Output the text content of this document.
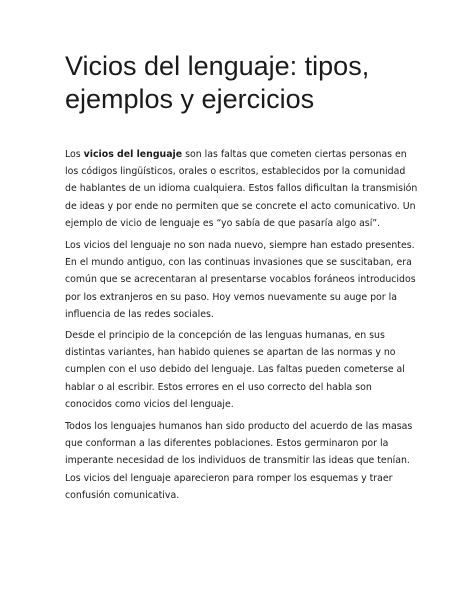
Vicios del lenguaje: tipos, ejemplos y ejercicios

Los vicios del lenguaje son las faltas que cometen ciertas personas en los códigos lingüísticos, orales o escritos, establecidos por la comunidad de hablantes de un idioma cualquiera. Estos fallos dificultan la transmisión de ideas y por ende no permiten que se concrete el acto comunicativo. Un ejemplo de vicio de lenguaje es “yo sabía de que pasaría algo así”.

Los vicios del lenguaje no son nada nuevo, siempre han estado presentes. En el mundo antiguo, con las continuas invasiones que se suscitaban, era común que se acrecentaran al presentarse vocablos foráneos introducidos por los extranjeros en su paso. Hoy vemos nuevamente su auge por la influencia de las redes sociales.

Desde el principio de la concepción de las lenguas humanas, en sus distintas variantes, han habido quienes se apartan de las normas y no cumplen con el uso debido del lenguaje. Las faltas pueden cometerse al hablar o al escribir. Estos errores en el uso correcto del habla son conocidos como vicios del lenguaje.

Todos los lenguajes humanos han sido producto del acuerdo de las masas que conforman a las diferentes poblaciones. Estos germinaron por la imperante necesidad de los individuos de transmitir las ideas que tenían. Los vicios del lenguaje aparecieron para romper los esquemas y traer confusión comunicativa.
